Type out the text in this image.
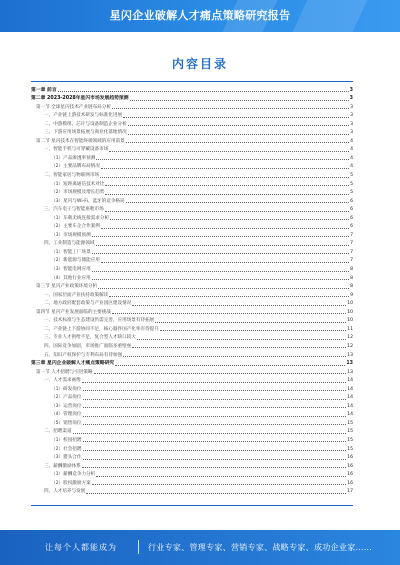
星闪企业破解人才痛点策略研究报告
内容目录
第一章 前言	3
第二章 2023-2028年星闪市场发展趋势预测	3
第一节 全球星闪技术产业链布局分析	3
一、产业链上游技术研发与标准化进展	3
二、中游模组、芯片与设备制造企业分析	3
三、下游应用场景拓展与商业化落地情况	3
第二节 星闪技术在智能终端领域的应用前景	4
一、智能手机与可穿戴设备市场	4
（1）产品渗透率预测	4
（2）主要品牌布局情况	4
二、智能家居与物联网市场	5
（1）短距离通信技术对比	5
（2）市场规模及增长趋势	5
（3）星闪与Wi-Fi、蓝牙的竞争格局	6
三、汽车电子与智能座舱市场	6
（1）车载无线连接需求分析	6
（2）主要车企合作案例	6
（3）市场规模预测	7
四、工业制造与能源领域	7
（1）智能工厂场景	7
（2）新能源与储能应用	7
（3）智能电网应用	8
（4）其他行业应用	8
第三节 星闪产业政策环境分析	8
一、国家层面产业扶持政策解读	9
二、地方政府配套政策与产业园区建设情况	10
第四节 星闪产业发展面临的主要挑战	10
一、技术标准与生态建设仍需完善，应用场景有待拓展	10
二、产业链上下游协同不足，核心器件国产化率有待提升	11
三、专业人才供给不足，复合型人才缺口较大	12
四、国际竞争加剧，市场推广面临多重壁垒	12
五、知识产权保护与专利布局有待加强	13
第三章 星闪企业破解人才痛点策略研究	13
第一节 人才招聘与引进策略	13
一、人才需求画像	14
（1）研发岗位	14
（2）产品岗位	14
（3）运营岗位	14
（4）管理岗位	14
（5）销售岗位	15
二、招聘渠道	15
（1）校园招聘	15
（2）社会招聘	15
（3）猎头合作	16
三、薪酬激励体系	16
（1）薪酬竞争力分析	16
（2）股权激励方案	16
四、人才培养与发展	17
让每个人都能成为	行业专家、管理专家、营销专家、战略专家、成功企业家……
